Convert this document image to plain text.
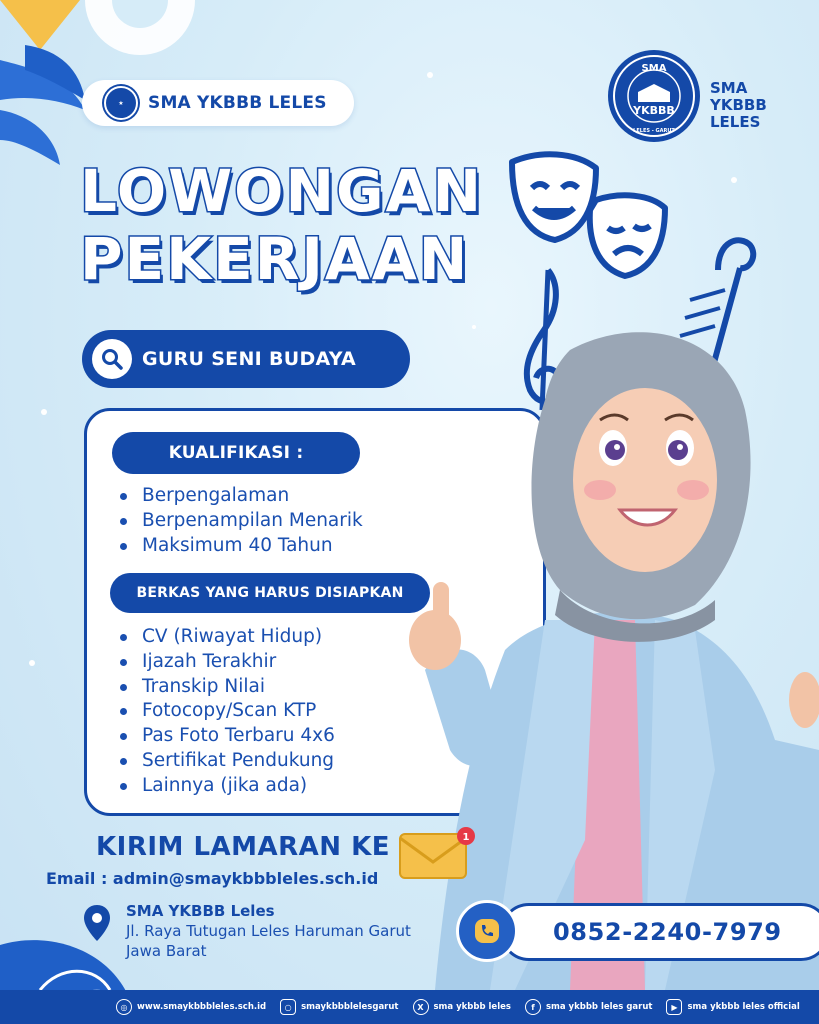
★	SMA YKBBB LELES
SMA
YKBBB
LELES - GARUT
SMA
YKBBB
LELES
LOWONGAN
PEKERJAAN
GURU SENI BUDAYA
KUALIFIKASI :
Berpengalaman
Berpenampilan Menarik
Maksimum 40 Tahun
BERKAS YANG HARUS DISIAPKAN
CV (Riwayat Hidup)
Ijazah Terakhir
Transkip Nilai
Fotocopy/Scan KTP
Pas Foto Terbaru 4x6
Sertifikat Pendukung
Lainnya (jika ada)
KIRIM LAMARAN KE	1
Email : admin@smaykbbbleles.sch.id
SMA YKBBB Leles
Jl. Raya Tutugan Leles Haruman Garut
Jawa Barat
0852-2240-7979
◎	www.smaykbbbleles.sch.id	○	smaykbbblelesgarut	X	sma ykbbb leles	f	sma ykbbb leles garut	▶	sma ykbbb leles official
